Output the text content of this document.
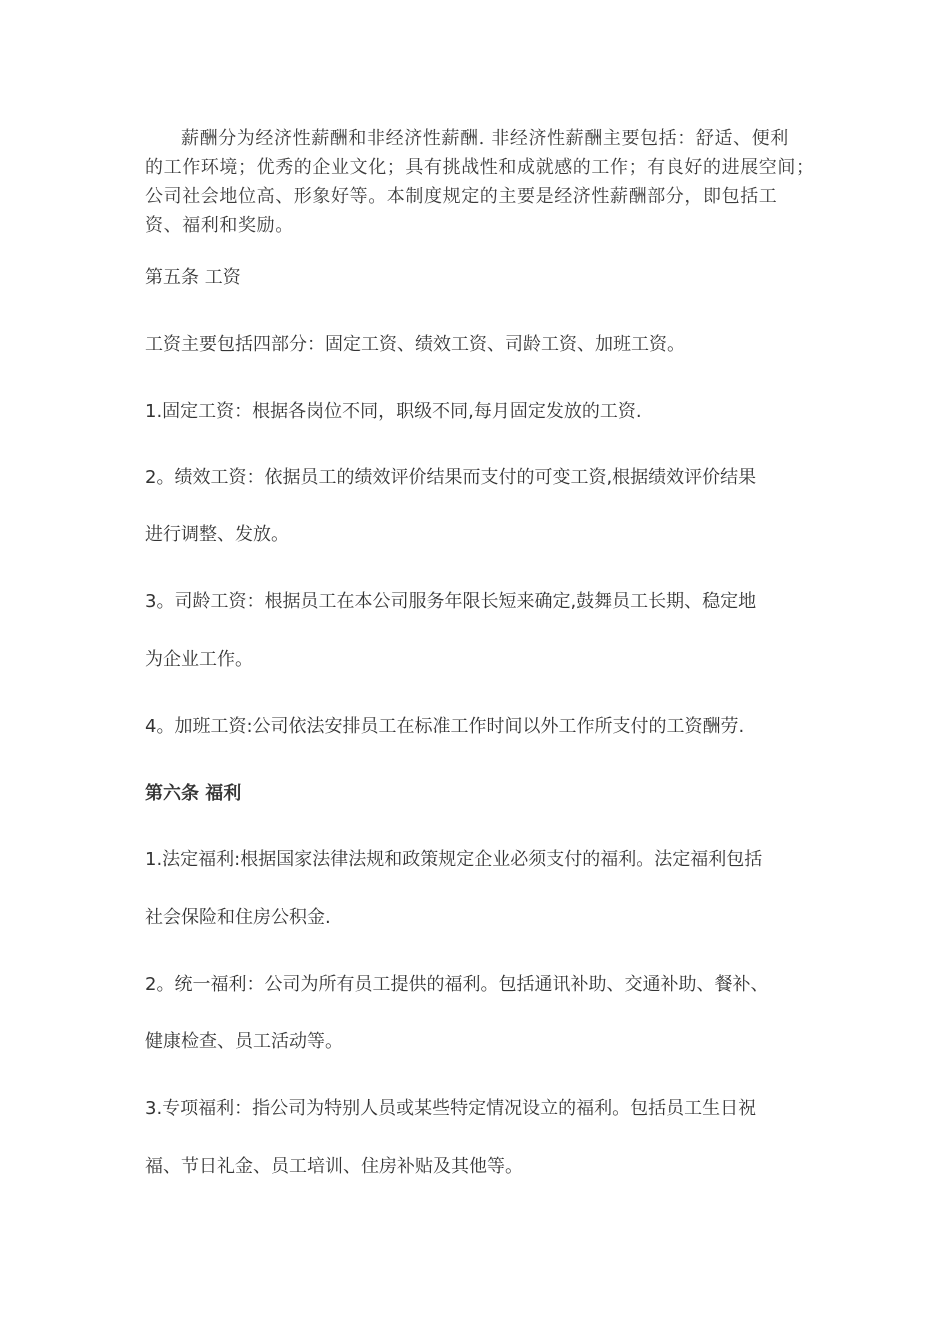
薪酬分为经济性薪酬和非经济性薪酬. 非经济性薪酬主要包括：舒适、便利
的工作环境；优秀的企业文化；具有挑战性和成就感的工作；有良好的进展空间；
公司社会地位高、形象好等。本制度规定的主要是经济性薪酬部分，即包括工
资、福利和奖励。
第五条 工资
工资主要包括四部分：固定工资、绩效工资、司龄工资、加班工资。
1.固定工资：根据各岗位不同，职级不同,每月固定发放的工资.
2。绩效工资：依据员工的绩效评价结果而支付的可变工资,根据绩效评价结果
进行调整、发放。
3。司龄工资：根据员工在本公司服务年限长短来确定,鼓舞员工长期、稳定地
为企业工作。
4。加班工资:公司依法安排员工在标准工作时间以外工作所支付的工资酬劳.
第六条 福利
1.法定福利:根据国家法律法规和政策规定企业必须支付的福利。法定福利包括
社会保险和住房公积金.
2。统一福利：公司为所有员工提供的福利。包括通讯补助、交通补助、餐补、
健康检查、员工活动等。
3.专项福利：指公司为特别人员或某些特定情况设立的福利。包括员工生日祝
福、节日礼金、员工培训、住房补贴及其他等。
